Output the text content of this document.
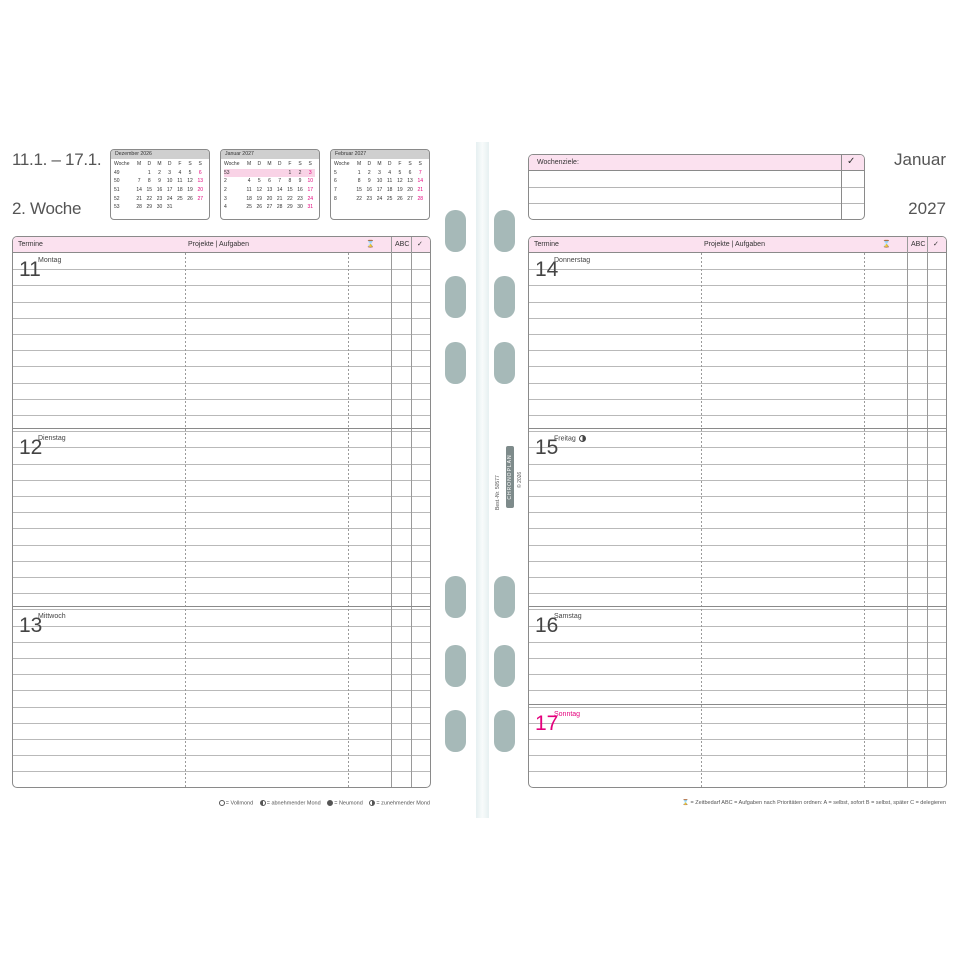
11.1. – 17.1.
2. Woche
Januar
2027
Dezember 2026
Woche	M	D	M	D	F	S	S
49		1	2	3	4	5	6
50	7	8	9	10	11	12	13
51	14	15	16	17	18	19	20
52	21	22	23	24	25	26	27
53	28	29	30	31			
Januar 2027
Woche	M	D	M	D	F	S	S
53					1	2	3
2	4	5	6	7	8	9	10
2	11	12	13	14	15	16	17
3	18	19	20	21	22	23	24
4	25	26	27	28	29	30	31
Februar 2027
Woche	M	D	M	D	F	S	S
5	1	2	3	4	5	6	7
6	8	9	10	11	12	13	14
7	15	16	17	18	19	20	21
8	22	23	24	25	26	27	28
Wochenziele:	✓
Termine	Projekte | Aufgaben	⌛	ABC ✓
11
Montag
12
Dienstag
13
Mittwoch
Termine	Projekte | Aufgaben	⌛	ABC ✓
14
Donnerstag
15
Freitag
16
Samstag
17
Sonntag
Best.-Nr. 50577 CHRONOPLAN © 2026
= Vollmond = abnehmender Mond = Neumond = zunehmender Mond	⌛ = Zeitbedarf ABC = Aufgaben nach Prioritäten ordnen: A = selbst, sofort B = selbst, später C = delegieren
